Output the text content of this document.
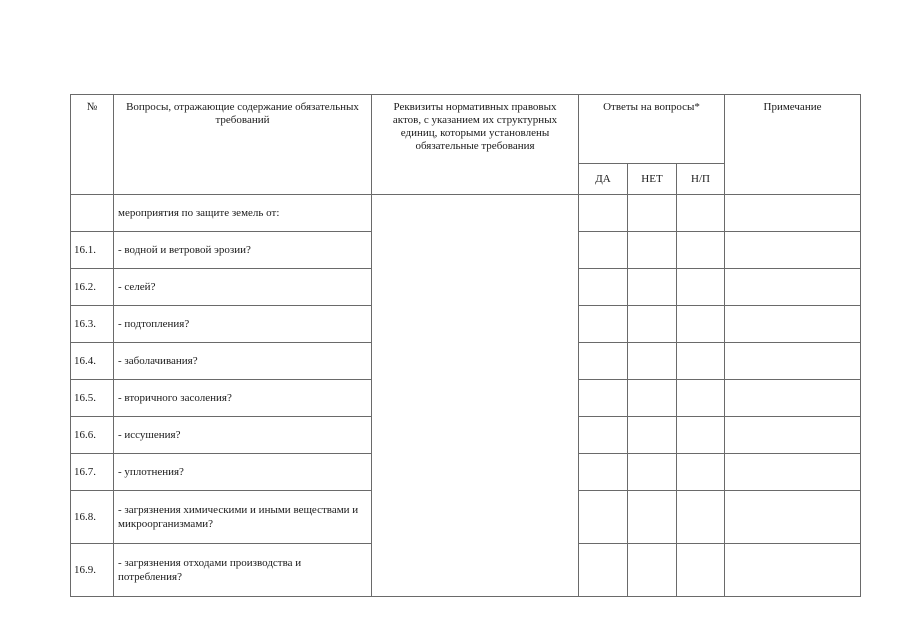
№	Вопросы, отражающие содержание обязательных требований	Реквизиты нормативных правовых актов, с указанием их структурных единиц, которыми установлены обязательные требования	Ответы на вопросы*			Примечание
			ДА	НЕТ	Н/П	
	мероприятия по защите земель от:					
16.1.	- водной и ветровой эрозии?					
16.2.	- селей?					
16.3.	- подтопления?					
16.4.	- заболачивания?					
16.5.	- вторичного засоления?					
16.6.	- иссушения?					
16.7.	- уплотнения?					
16.8.	- загрязнения химическими и иными веществами и микроорганизмами?					
16.9.	- загрязнения отходами производства и потребления?					
